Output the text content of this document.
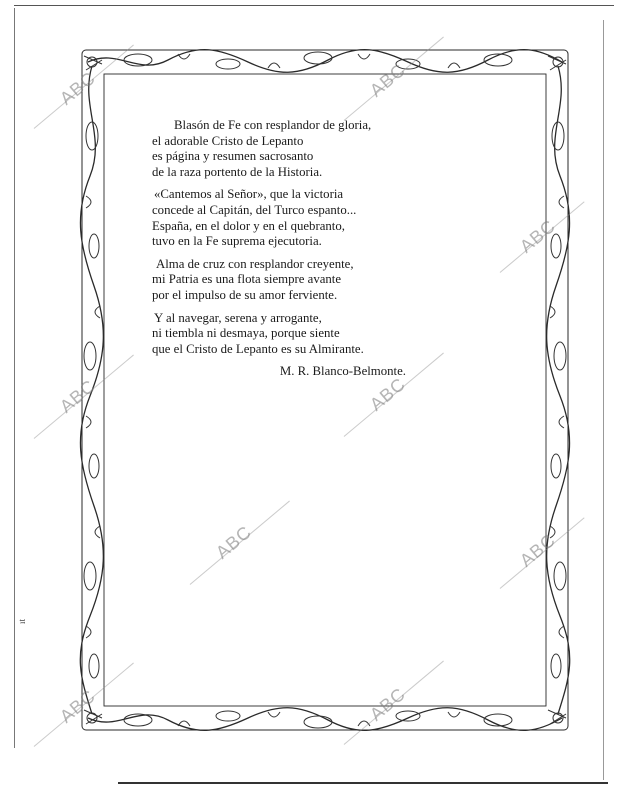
ıt
Blasón de Fe con resplandor de gloria,
el adorable Cristo de Lepanto
es página y resumen sacrosanto
de la raza portento de la Historia.
«Cantemos al Señor», que la victoria
concede al Capitán, del Turco espanto...
España, en el dolor y en el quebranto,
tuvo en la Fe suprema ejecutoria.
Alma de cruz con resplandor creyente,
mi Patria es una flota siempre avante
por el impulso de su amor ferviente.
Y al navegar, serena y arrogante,
ni tiembla ni desmaya, porque siente
que el Cristo de Lepanto es su Almirante.
M. R. Blanco-Belmonte.
ABC	ABC
ABC
ABC	ABC
ABC	ABC
ABC	ABC
